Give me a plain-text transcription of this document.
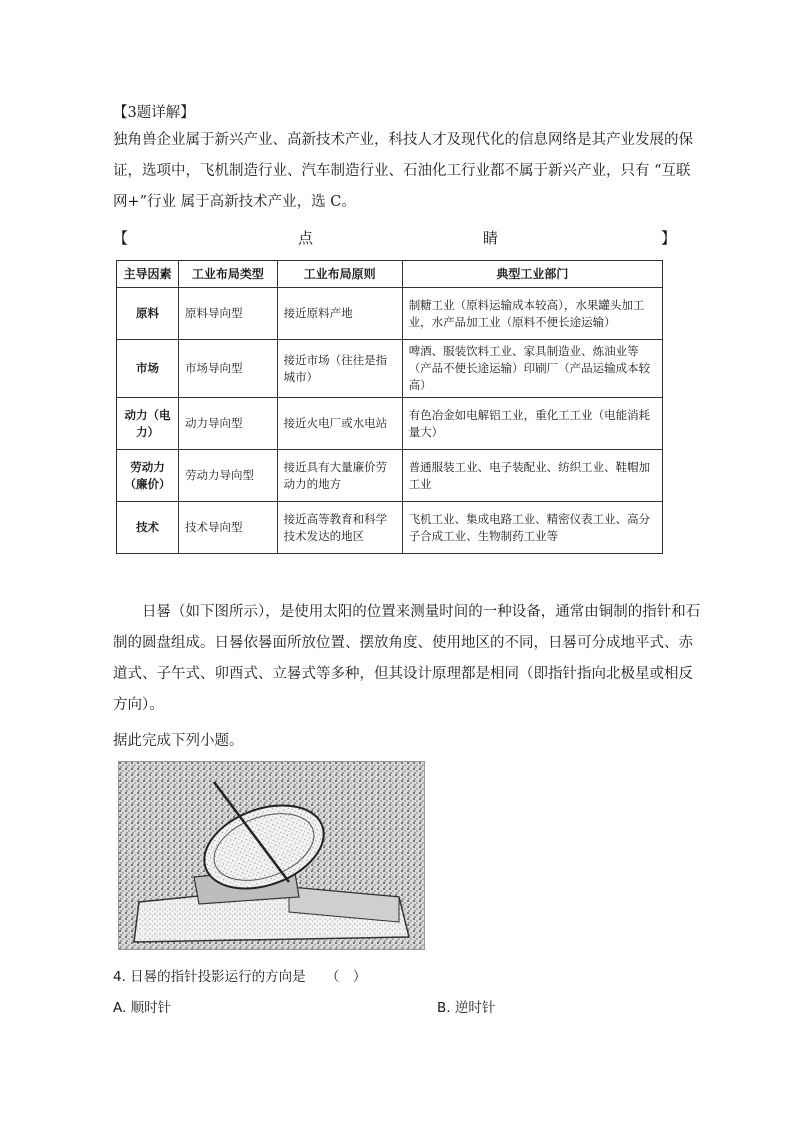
【3题详解】
独角兽企业属于新兴产业、高新技术产业，科技人才及现代化的信息网络是其产业发展的保
证，选项中，飞机制造行业、汽车制造行业、石油化工行业都不属于新兴产业，只有 “互联
网+”行业 属于高新技术产业，选 C。
【	点	睛	】
主导因素	工业布局类型	工业布局原则	典型工业部门
原料	原料导向型	接近原料产地	制糖工业（原料运输成本较高），水果罐头加工业，水产品加工业（原料不便长途运输）
市场	市场导向型	接近市场（往往是指城市）	啤酒、服装饮料工业、家具制造业、炼油业等（产品不便长途运输）印刷厂（产品运输成本较高）
动力（电力）	动力导向型	接近火电厂或水电站	有色冶金如电解铝工业，重化工工业（电能消耗量大）
劳动力（廉价）	劳动力导向型	接近具有大量廉价劳动力的地方	普通服装工业、电子装配业、纺织工业、鞋帽加工业
技术	技术导向型	接近高等教育和科学技术发达的地区	飞机工业、集成电路工业、精密仪表工业、高分子合成工业、生物制药工业等
　　日晷（如下图所示），是使用太阳的位置来测量时间的一种设备，通常由铜制的指针和石
制的圆盘组成。日晷依晷面所放位置、摆放角度、使用地区的不同，日晷可分成地平式、赤
道式、子午式、卯酉式、立晷式等多种，但其设计原理都是相同（即指针指向北极星或相反
方向）。
据此完成下列小题。
4. 日晷的指针投影运行的方向是　　（　）
A. 顺时针	B. 逆时针
